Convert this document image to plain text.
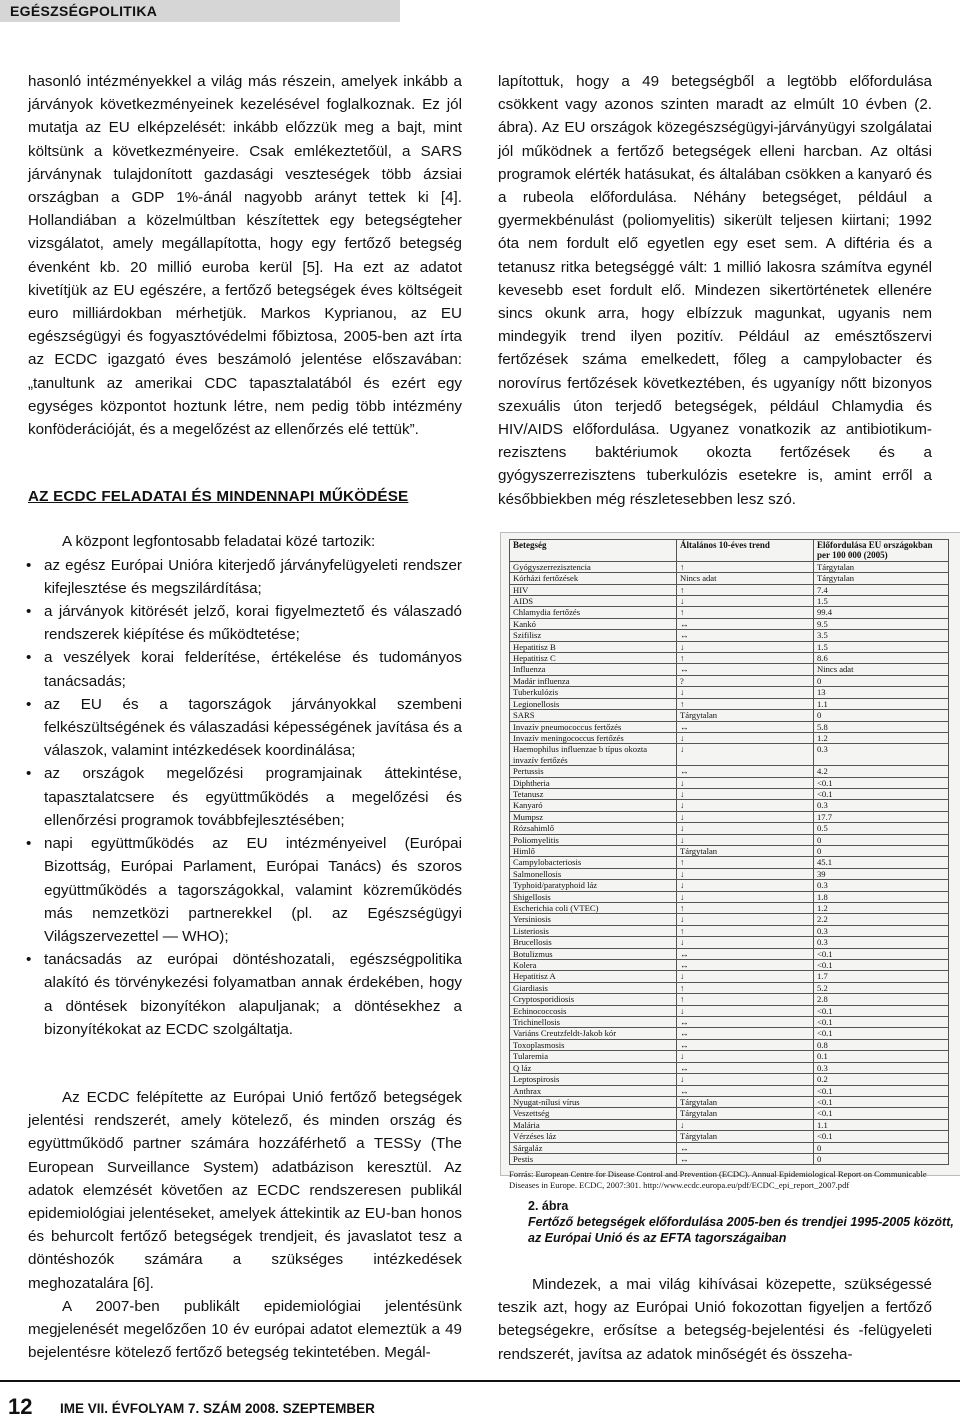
EGÉSZSÉGPOLITIKA

hasonló intézményekkel a világ más részein, amelyek inkább a járványok következményeinek kezelésével foglalkoznak. Ez jól mutatja az EU elképzelését: inkább előzzük meg a bajt, mint költsünk a következményeire. Csak emlékeztetőül, a SARS járványnak tulajdonított gazdasági veszteségek több ázsiai országban a GDP 1%-ánál nagyobb arányt tettek ki [4]. Hollandiában a közelmúltban készítettek egy betegségteher vizsgálatot, amely megállapította, hogy egy fertőző betegség évenként kb. 20 millió euroba kerül [5]. Ha ezt az adatot kivetítjük az EU egészére, a fertőző betegségek éves költségeit euro milliárdokban mérhetjük. Markos Kyprianou, az EU egészségügyi és fogyasztóvédelmi főbiztosa, 2005-ben azt írta az ECDC igazgató éves beszámoló jelentése előszavában: „tanultunk az amerikai CDC tapasztalatából és ezért egy egységes központot hoztunk létre, nem pedig több intézmény konföderációját, és a megelőzést az ellenőrzés elé tettük”.

AZ ECDC FELADATAI ÉS MINDENNAPI MŰKÖDÉSE

A központ legfontosabb feladatai közé tartozik:

• az egész Európai Unióra kiterjedő járványfelügyeleti rendszer kifejlesztése és megszilárdítása;
• a járványok kitörését jelző, korai figyelmeztető és válaszadó rendszerek kiépítése és működtetése;
• a veszélyek korai felderítése, értékelése és tudományos tanácsadás;
• az EU és a tagországok járványokkal szembeni felkészültségének és válaszadási képességének javítása és a válaszok, valamint intézkedések koordinálása;
• az országok megelőzési programjainak áttekintése, tapasztalatcsere és együttműködés a megelőzési és ellenőrzési programok továbbfejlesztésében;
• napi együttműködés az EU intézményeivel (Európai Bizottság, Európai Parlament, Európai Tanács) és szoros együttműködés a tagországokkal, valamint közreműködés más nemzetközi partnerekkel (pl. az Egészségügyi Világszervezettel — WHO);
• tanácsadás az európai döntéshozatali, egészségpolitika alakító és törvénykezési folyamatban annak érdekében, hogy a döntések bizonyítékon alapuljanak; a döntésekhez a bizonyítékokat az ECDC szolgáltatja.

Az ECDC felépítette az Európai Unió fertőző betegségek jelentési rendszerét, amely kötelező, és minden ország és együttműködő partner számára hozzáférhető a TESSy (The European Surveillance System) adatbázison keresztül. Az adatok elemzését követően az ECDC rendszeresen publikál epidemiológiai jelentéseket, amelyek áttekintik az EU-ban honos és behurcolt fertőző betegségek trendjeit, és javaslatot tesz a döntéshozók számára a szükséges intézkedések meghozatalára [6].

A 2007-ben publikált epidemiológiai jelentésünk megjelenését megelőzően 10 év európai adatot elemeztük a 49 bejelentésre kötelező fertőző betegség tekintetében. Megál-

lapítottuk, hogy a 49 betegségből a legtöbb előfordulása csökkent vagy azonos szinten maradt az elmúlt 10 évben (2. ábra). Az EU országok közegészségügyi-járványügyi szolgálatai jól működnek a fertőző betegségek elleni harcban. Az oltási programok elérték hatásukat, és általában csökken a kanyaró és a rubeola előfordulása. Néhány betegséget, például a gyermekbénulást (poliomyelitis) sikerült teljesen kiirtani; 1992 óta nem fordult elő egyetlen egy eset sem. A diftéria és a tetanusz ritka betegséggé vált: 1 millió lakosra számítva egynél kevesebb eset fordult elő. Mindezen sikertörténetek ellenére sincs okunk arra, hogy elbízzuk magunkat, ugyanis nem mindegyik trend ilyen pozitív. Például az emésztőszervi fertőzések száma emelkedett, főleg a campylobacter és norovírus fertőzések következtében, és ugyanígy nőtt bizonyos szexuális úton terjedő betegségek, például Chlamydia és HIV/AIDS előfordulása. Ugyanez vonatkozik az antibiotikum-rezisztens baktériumok okozta fertőzések és a gyógyszerrezisztens tuberkulózis esetekre is, amint erről a későbbiekben még részletesebben lesz szó.

Betegség	Általános 10-éves trend	Előfordulása EU országokban per 100 000 (2005)
Gyógyszerrezisztencia	↑	Tárgytalan
Kórházi fertőzések	Nincs adat	Tárgytalan
HIV	↑	7.4
AIDS	↓	1.5
Chlamydia fertőzés	↑	99.4
Kankó	↔	9.5
Szifilisz	↔	3.5
Hepatitisz B	↓	1.5
Hepatitisz C	↑	8.6
Influenza	↔	Nincs adat
Madár influenza	?	0
Tuberkulózis	↓	13
Legionellosis	↑	1.1
SARS	Tárgytalan	0
Invazív pneumococcus fertőzés	↔	5.8
Invazív meningococcus fertőzés	↓	1.2
Haemophilus influenzae b típus okozta invazív fertőzés	↓	0.3
Pertussis	↔	4.2
Diphtheria	↓	<0.1
Tetanusz	↓	<0.1
Kanyaró	↓	0.3
Mumpsz	↓	17.7
Rózsahimlő	↓	0.5
Poliomyelitis	↓	0
Himlő	Tárgytalan	0
Campylobacteriosis	↑	45.1
Salmonellosis	↓	39
Typhoid/paratyphoid láz	↓	0.3
Shigellosis	↓	1.8
Escherichia coli (VTEC)	↑	1.2
Yersiniosis	↓	2.2
Listeriosis	↑	0.3
Brucellosis	↓	0.3
Botulizmus	↔	<0.1
Kolera	↔	<0.1
Hepatitisz A	↓	1.7
Giardiasis	↑	5.2
Cryptosporidiosis	↑	2.8
Echinococcosis	↓	<0.1
Trichinellosis	↔	<0.1
Variáns Creutzfeldt-Jakob kór	↔	<0.1
Toxoplasmosis	↔	0.8
Tularemia	↓	0.1
Q láz	↔	0.3
Leptospirosis	↓	0.2
Anthrax	↔	<0.1
Nyugat-nílusi vírus	Tárgytalan	<0.1
Veszettség	Tárgytalan	<0.1
Malária	↓	1.1
Vérzéses láz	Tárgytalan	<0.1
Sárgaláz	↔	0
Pestis	↔	0
Forrás: European Centre for Disease Control and Prevention (ECDC). Annual Epidemiological Report on Communicable Diseases in Europe. ECDC, 2007:301. http://www.ecdc.europa.eu/pdf/ECDC_epi_report_2007.pdf
2. ábra
Fertőző betegségek előfordulása 2005-ben és trendjei 1995-2005 között, az Európai Unió és az EFTA tagországaiban

Mindezek, a mai világ kihívásai közepette, szükségessé teszik azt, hogy az Európai Unió fokozottan figyeljen a fertőző betegségekre, erősítse a betegség-bejelentési és -felügyeleti rendszerét, javítsa az adatok minőségét és összeha-

12 IME VII. ÉVFOLYAM 7. SZÁM 2008. SZEPTEMBER
